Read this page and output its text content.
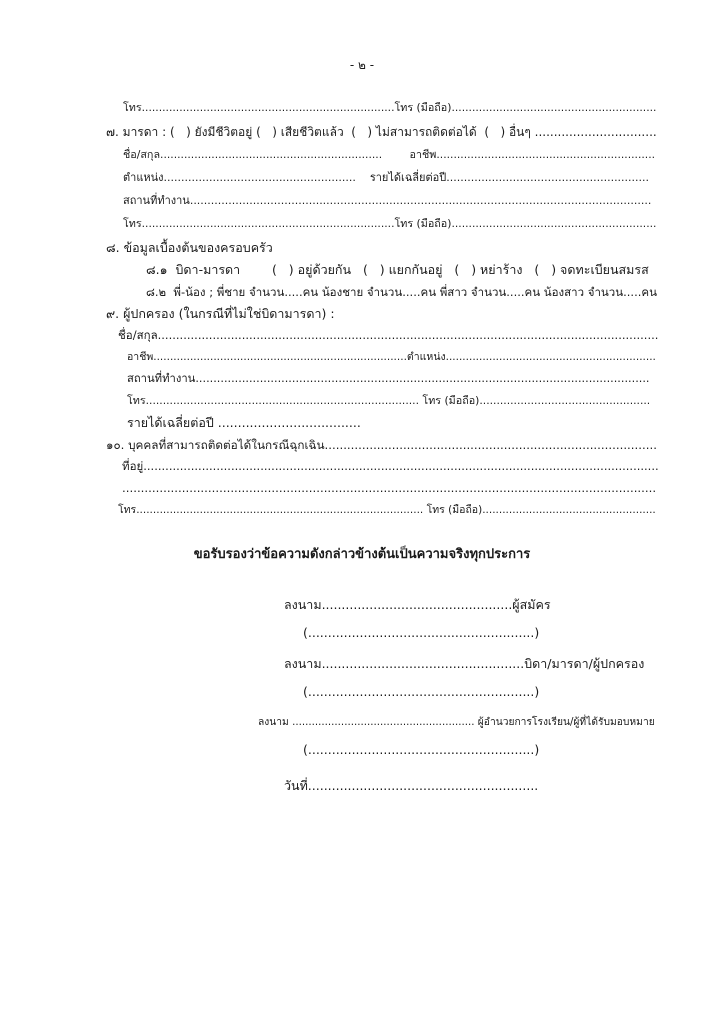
- ๒ -
โทร..........................................................................โทร (มือถือ)............................................................
๗. มารดา : (   ) ยังมีชีวิตอยู่ (   ) เสียชีวิตแล้ว  (   ) ไม่สามารถติดต่อได้  (   ) อื่นๆ ................................
ชื่อ/สกุล.................................................................        อาชีพ................................................................
ตำแหน่ง.......................................................    รายได้เฉลี่ยต่อปี..........................................................
สถานที่ทำงาน....................................................................................................................................
โทร..........................................................................โทร (มือถือ)............................................................
๘. ข้อมูลเบื้องต้นของครอบครัว
๘.๑  บิดา-มารดา        (   ) อยู่ด้วยกัน   (   ) แยกกันอยู่   (   ) หย่าร้าง   (   ) จดทะเบียนสมรส
๘.๒  พี่-น้อง ; พี่ชาย จำนวน.....คน น้องชาย จำนวน.....คน พี่สาว จำนวน.....คน น้องสาว จำนวน.....คน
๙. ผู้ปกครอง (ในกรณีที่ไม่ใช่บิดามารดา) :
ชื่อ/สกุล.........................................................................................................................................
อาชีพ............................................................................ตำแหน่ง...............................................................
สถานที่ทำงาน...............................................................................................................................
โทร................................................................................ โทร (มือถือ)..................................................
รายได้เฉลี่ยต่อปี ....................................
๑๐. บุคคลที่สามารถติดต่อได้ในกรณีฉุกเฉิน.........................................................................................
ที่อยู่.............................................................................................................................................
...............................................................................................................................................
โทร...................................................................................... โทร (มือถือ)....................................................
ขอรับรองว่าข้อความดังกล่าวข้างต้นเป็นความจริงทุกประการ
ลงนาม................................................ผู้สมัคร
(.........................................................)
ลงนาม...................................................บิดา/มารดา/ผู้ปกครอง
(.........................................................)
ลงนาม ........................................................ ผู้อำนวยการโรงเรียน/ผู้ที่ได้รับมอบหมาย
(.........................................................)
วันที่..........................................................
